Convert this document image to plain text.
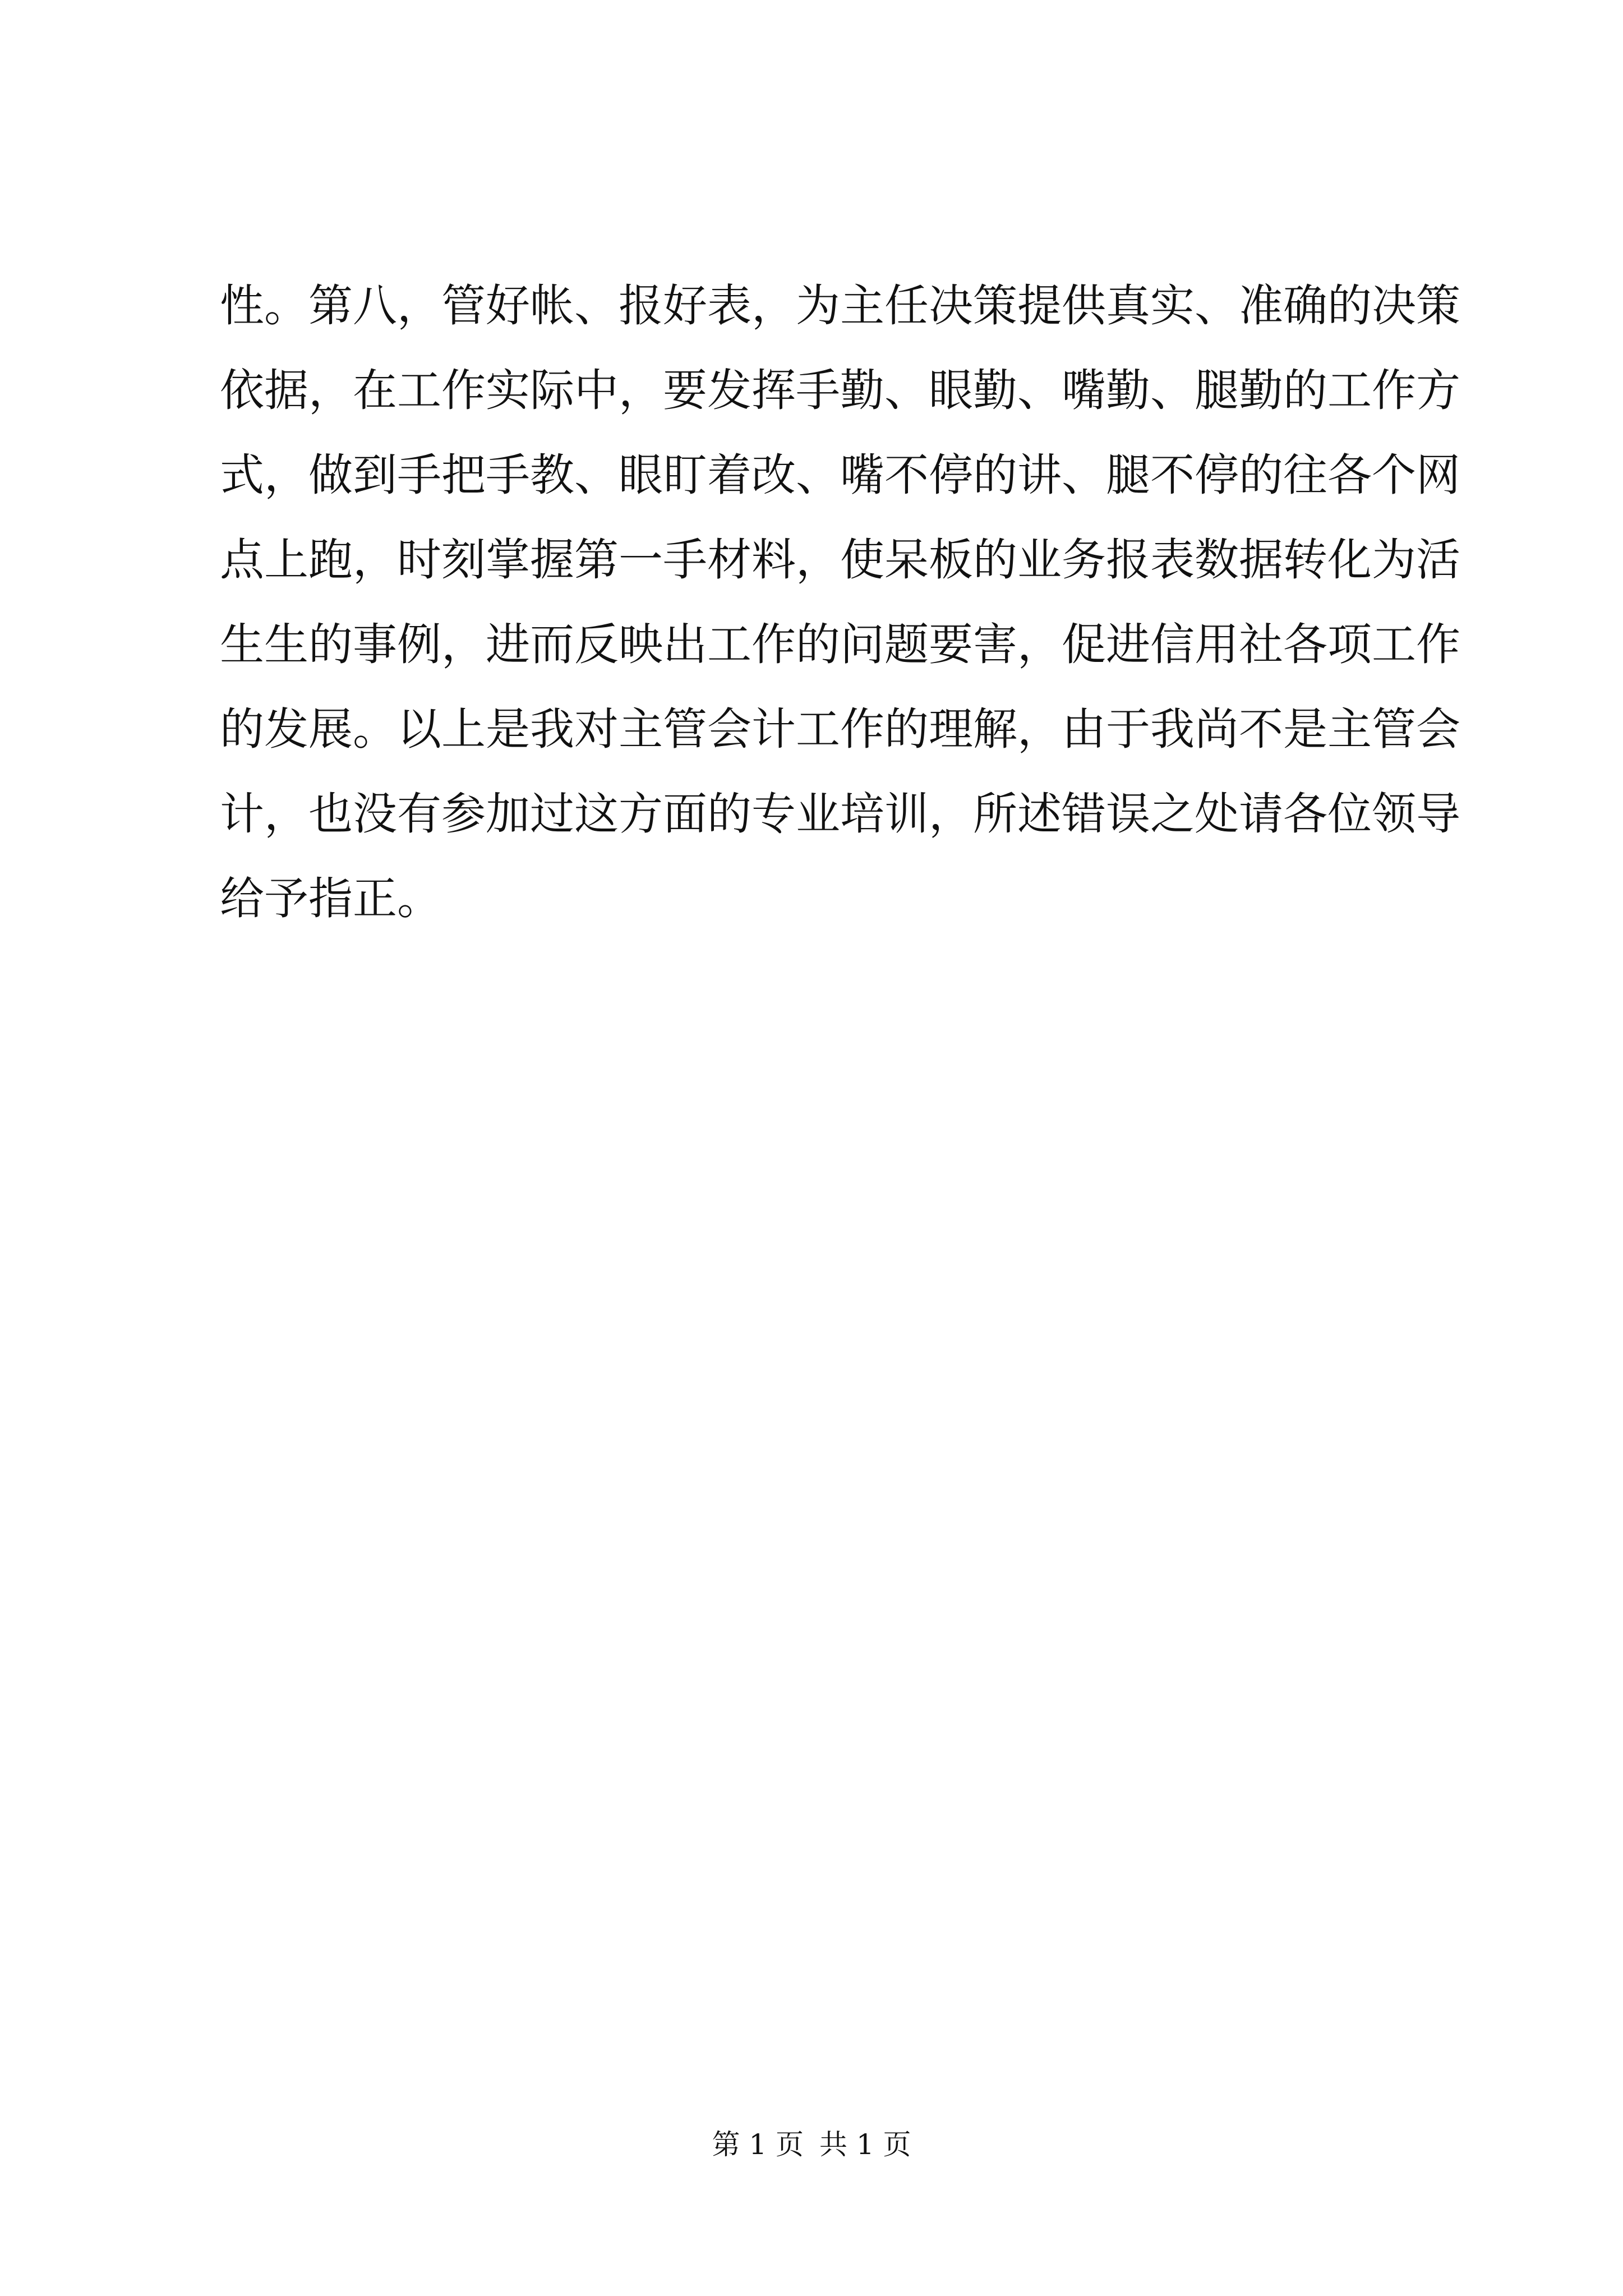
性。第八，管好帐、报好表，为主任决策提供真实、准确的决策
依据，在工作实际中，要发挥手勤、眼勤、嘴勤、腿勤的工作方
式，做到手把手教、眼盯着改、嘴不停的讲、腿不停的往各个网
点上跑，时刻掌握第一手材料，使呆板的业务报表数据转化为活
生生的事例，进而反映出工作的问题要害，促进信用社各项工作
的发展。以上是我对主管会计工作的理解，由于我尚不是主管会
计，也没有参加过这方面的专业培训，所述错误之处请各位领导
给予指正。
第 1 页 共 1 页
